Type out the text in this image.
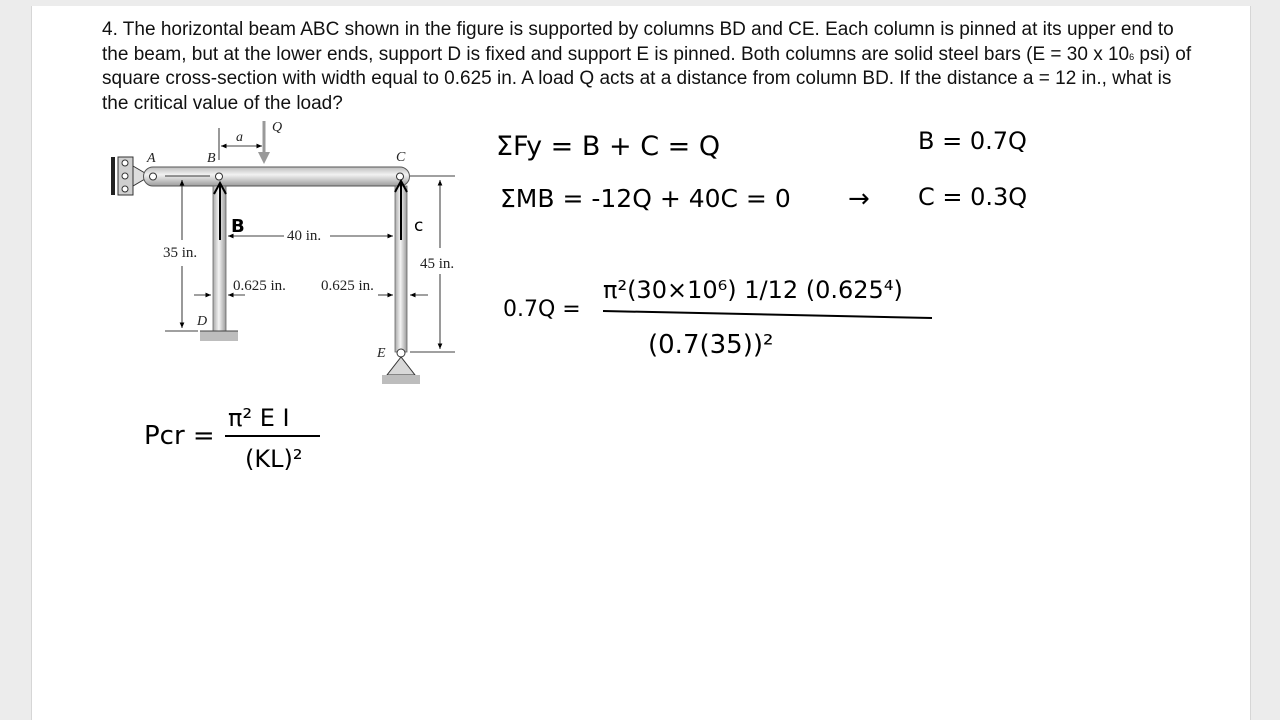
4. The horizontal beam ABC shown in the figure is supported by columns BD and CE. Each column is pinned at its upper end to the beam, but at the lower ends, support D is fixed and support E is pinned. Both columns are solid steel bars (E = 30 x $10^6$ psi) of square cross-section with width equal to 0.625 in. A load Q acts at a distance from column BD. If the distance a = 12 in., what is the critical value of the load?
A	B	C
D
E
Q
a
40 in.
35 in.
45 in.
0.625 in. 0.625 in.
B	c
ΣFy = B + C = Q	B = 0.7Q
ΣMB = -12Q + 40C = 0 → C = 0.3Q
0.7Q =
π²(30×10⁶) 1/12 (0.625⁴)
(0.7(35))²
Pcr =
π² E I
(KL)²
